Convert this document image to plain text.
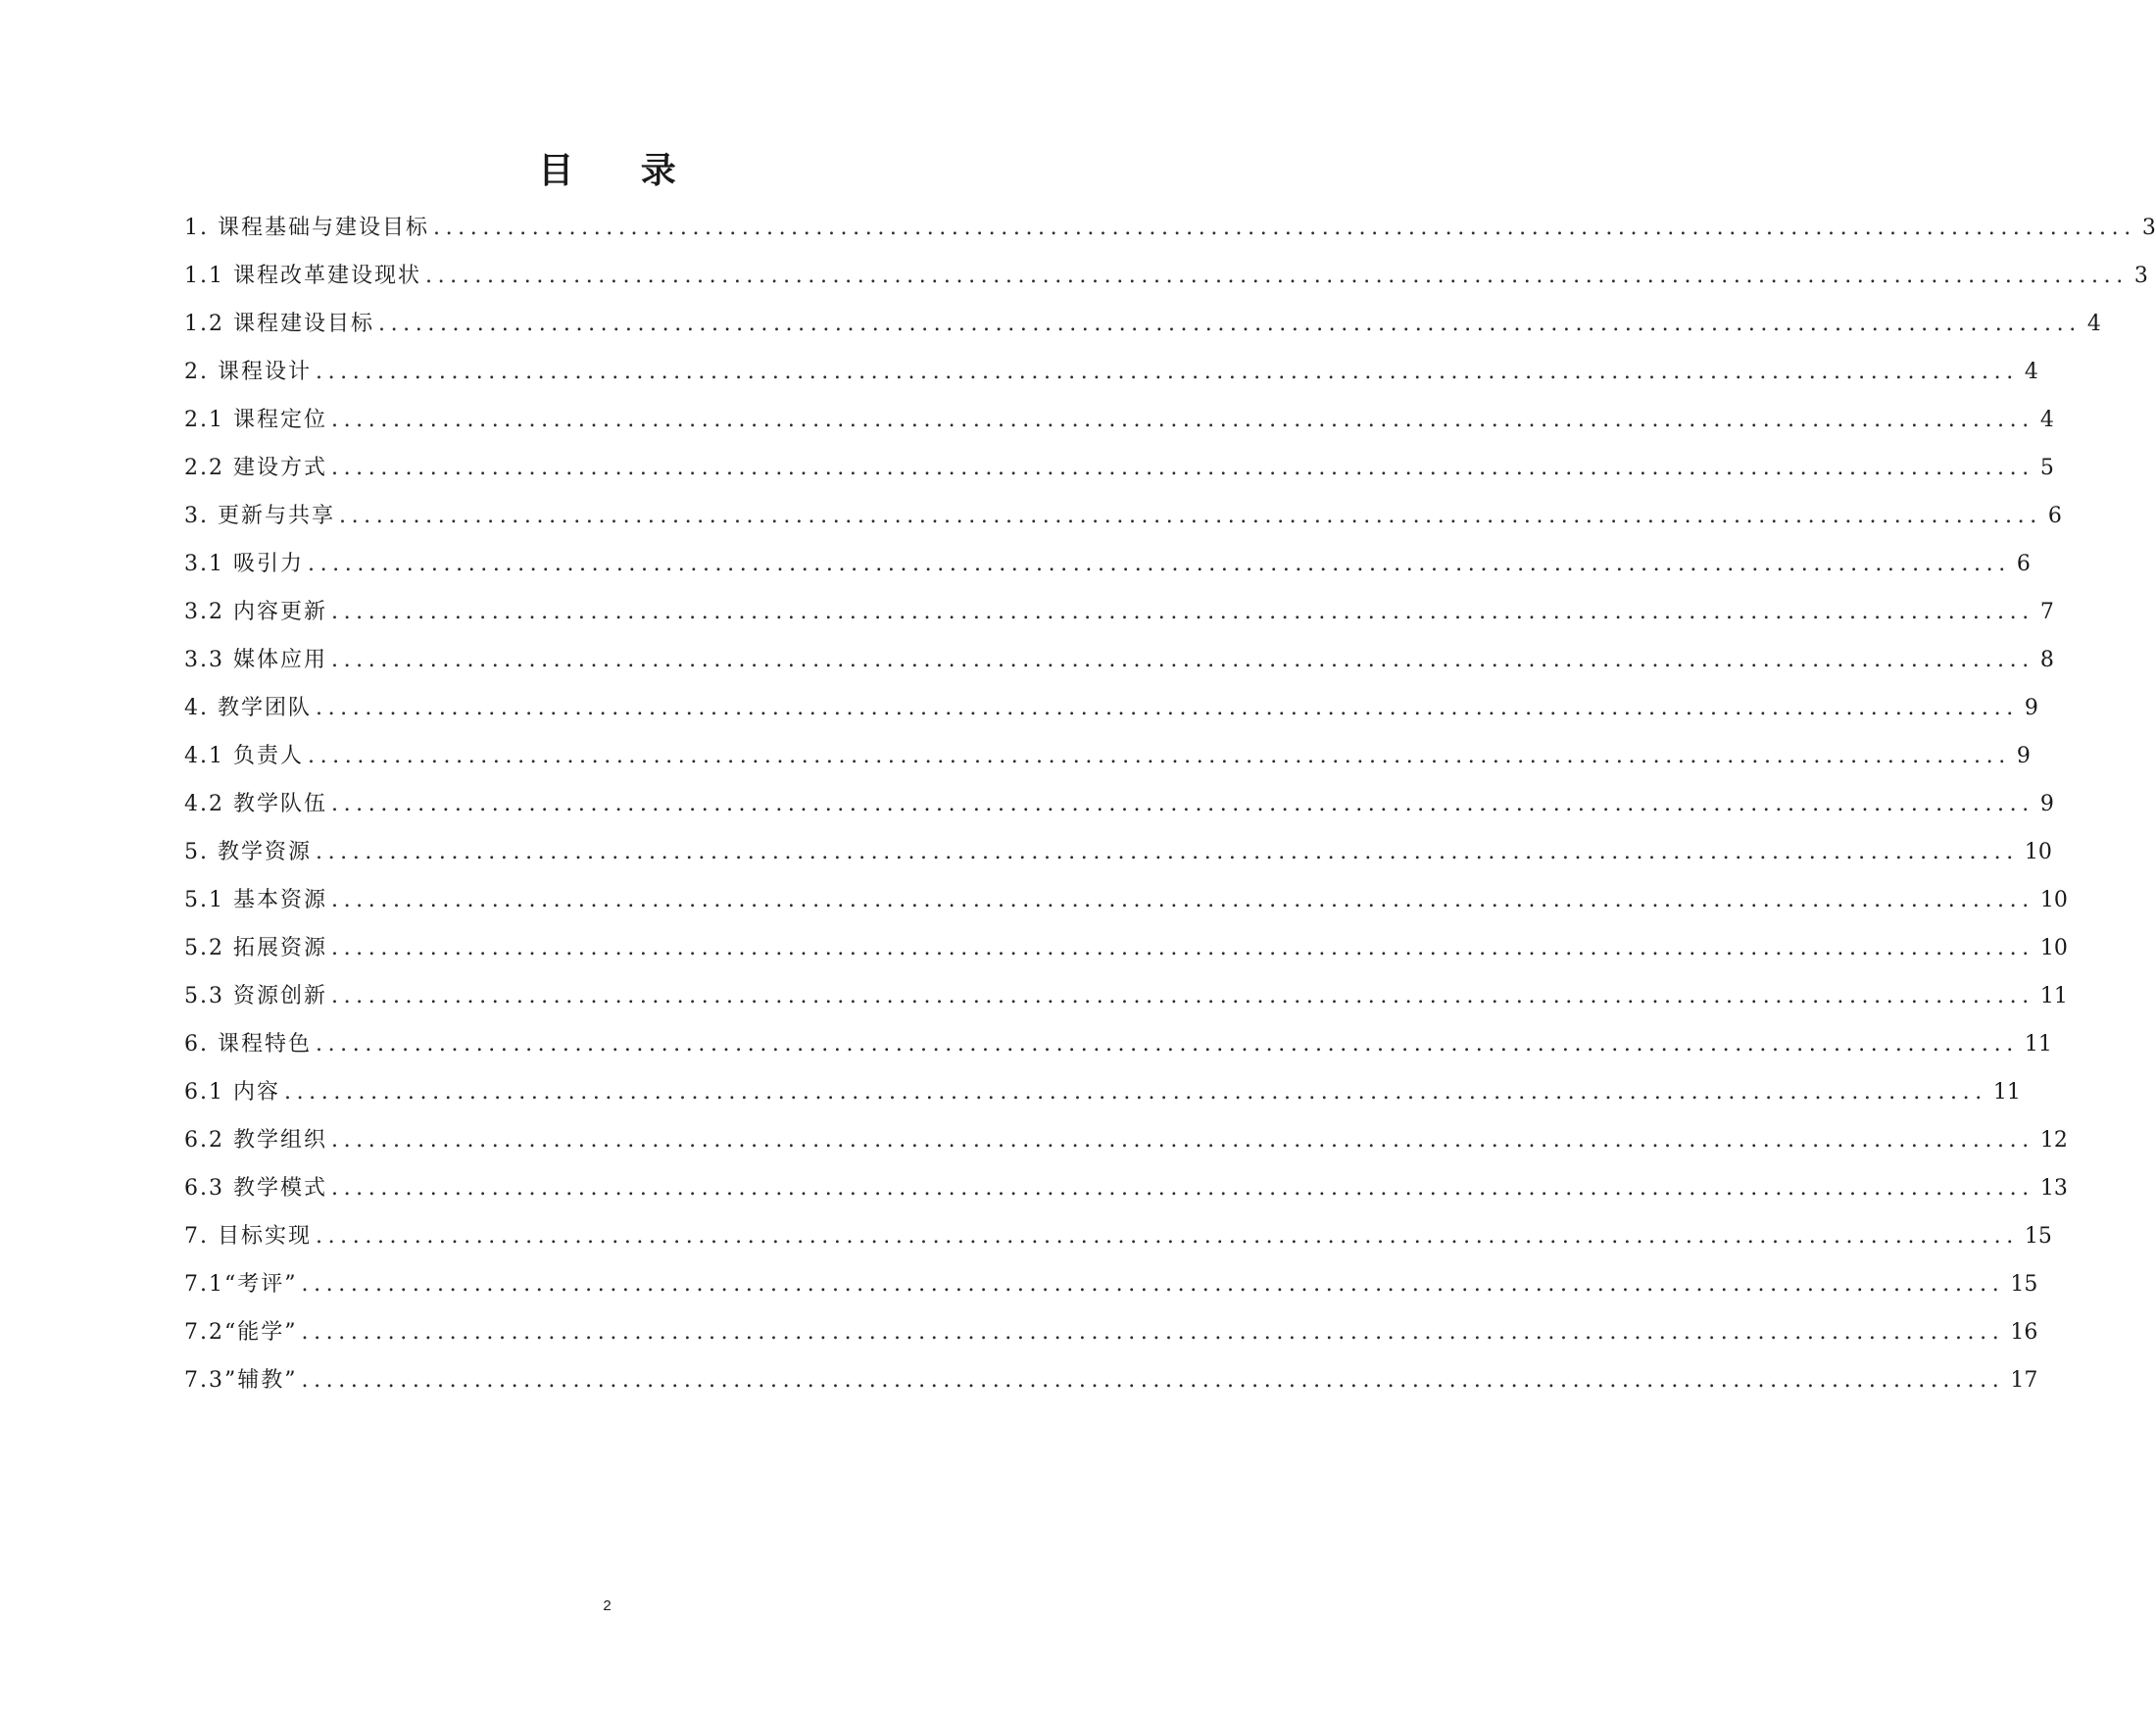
目 录
1. 课程基础与建设目标 .......................................................................................................................................... 3
1.1 课程改革建设现状 .......................................................................................................................................... 3
1.2 课程建设目标 .......................................................................................................................................... 4
2. 课程设计 .......................................................................................................................................... 4
2.1 课程定位 .......................................................................................................................................... 4
2.2 建设方式 .......................................................................................................................................... 5
3. 更新与共享 .......................................................................................................................................... 6
3.1 吸引力 .......................................................................................................................................... 6
3.2 内容更新 .......................................................................................................................................... 7
3.3 媒体应用 .......................................................................................................................................... 8
4. 教学团队 .......................................................................................................................................... 9
4.1 负责人 .......................................................................................................................................... 9
4.2 教学队伍 .......................................................................................................................................... 9
5. 教学资源 .......................................................................................................................................... 10
5.1 基本资源 .......................................................................................................................................... 10
5.2 拓展资源 .......................................................................................................................................... 10
5.3 资源创新 .......................................................................................................................................... 11
6. 课程特色 .......................................................................................................................................... 11
6.1 内容 .......................................................................................................................................... 11
6.2 教学组织 .......................................................................................................................................... 12
6.3 教学模式 .......................................................................................................................................... 13
7. 目标实现 .......................................................................................................................................... 15
7.1“考评” .......................................................................................................................................... 15
7.2“能学” .......................................................................................................................................... 16
7.3”辅教” .......................................................................................................................................... 17
2
